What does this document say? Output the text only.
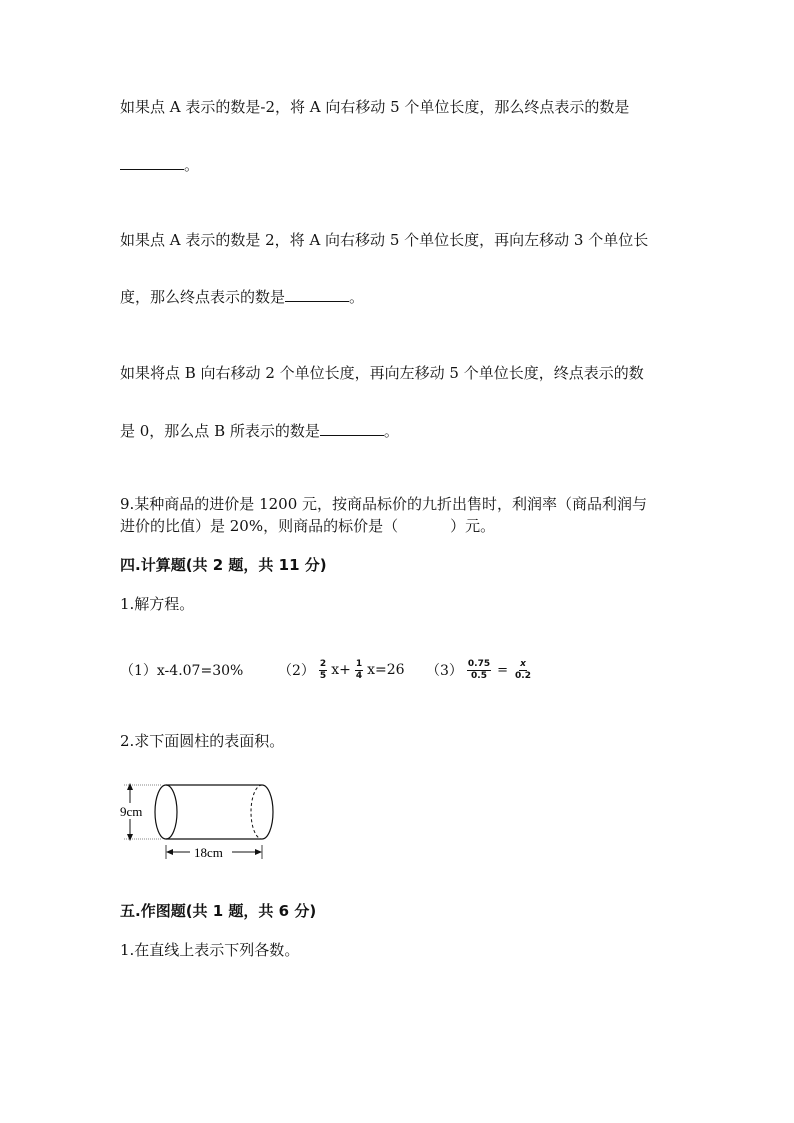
如果点 A 表示的数是-2，将 A 向右移动 5 个单位长度，那么终点表示的数是
。
如果点 A 表示的数是 2，将 A 向右移动 5 个单位长度，再向左移动 3 个单位长
度，那么终点表示的数是	。
如果将点 B 向右移动 2 个单位长度，再向左移动 5 个单位长度，终点表示的数
是 0，那么点 B 所表示的数是	。
9.某种商品的进价是 1200 元，按商品标价的九折出售时，利润率（商品利润与
进价的比值）是 20%，则商品的标价是（	）元。
四.计算题(共 2 题，共 11 分)
1.解方程。
（1）x-4.07=30% $(2) \frac{2}{5} x+ \frac{1}{4} x=26$ $(3) \frac{0.75}{0.5} = \frac{x}{0.2}$
2.求下面圆柱的表面积。
9cm
18cm
五.作图题(共 1 题，共 6 分)
1.在直线上表示下列各数。
